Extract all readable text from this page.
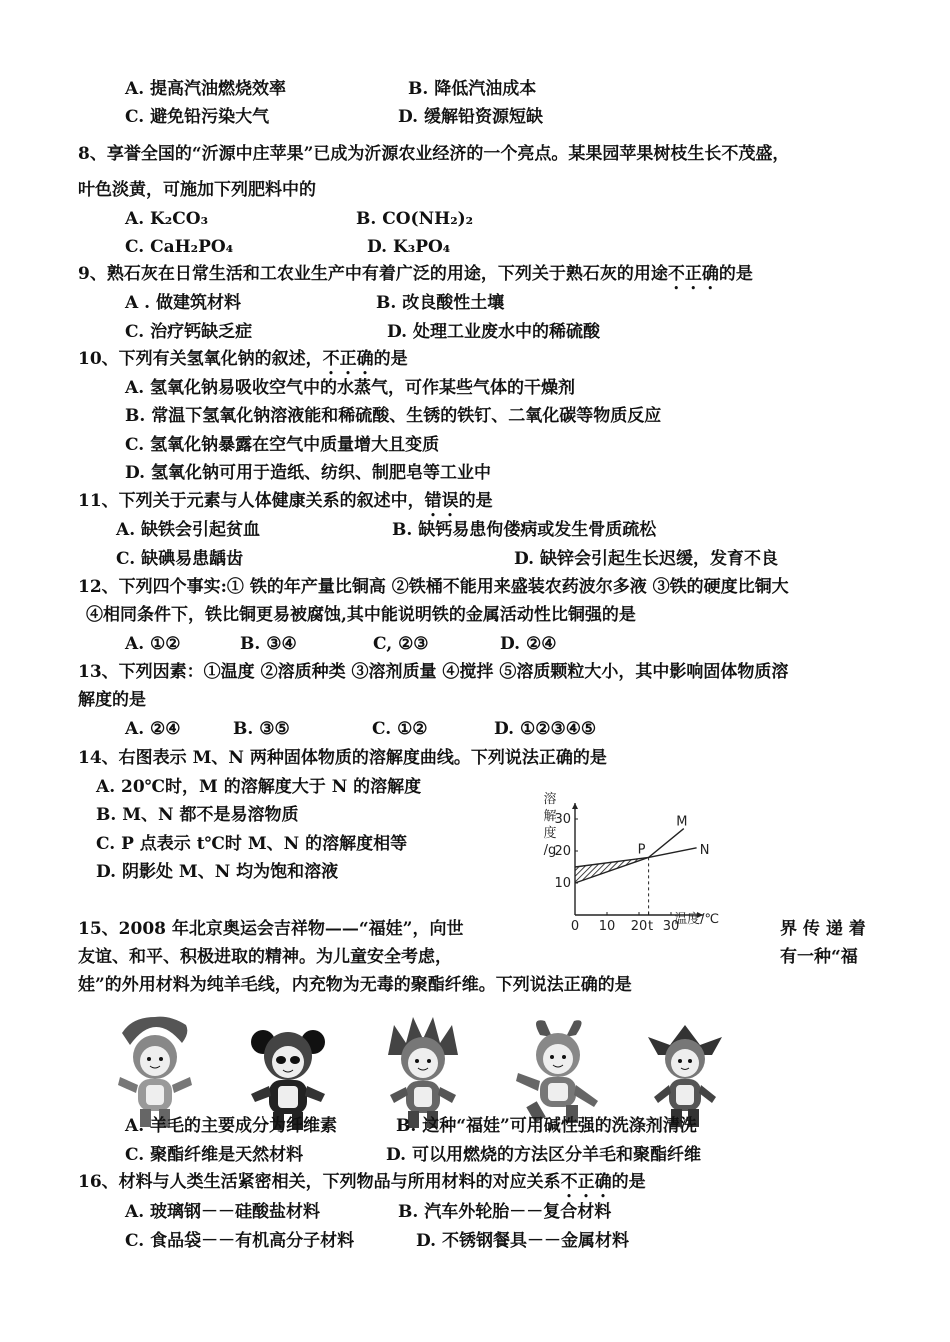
A. 提高汽油燃烧效率	B. 降低汽油成本
C. 避免铅污染大气	D. 缓解铅资源短缺
8、享誉全国的“沂源中庄苹果”已成为沂源农业经济的一个亮点。某果园苹果树枝生长不茂盛，
叶色淡黄，可施加下列肥料中的
A. K₂CO₃	B. CO(NH₂)₂
C. CaH₂PO₄	D. K₃PO₄
9、熟石灰在日常生活和工农业生产中有着广泛的用途，下列关于熟石灰的用途不正确的是
A . 做建筑材料	B. 改良酸性土壤
C. 治疗钙缺乏症	D. 处理工业废水中的稀硫酸
10、下列有关氢氧化钠的叙述，不正确的是
A. 氢氧化钠易吸收空气中的水蒸气，可作某些气体的干燥剂
B. 常温下氢氧化钠溶液能和稀硫酸、生锈的铁钉、二氧化碳等物质反应
C. 氢氧化钠暴露在空气中质量增大且变质
D. 氢氧化钠可用于造纸、纺织、制肥皂等工业中
11、下列关于元素与人体健康关系的叙述中，错误的是
A. 缺铁会引起贫血	B. 缺钙易患佝偻病或发生骨质疏松
C. 缺碘易患龋齿	D. 缺锌会引起生长迟缓，发育不良
12、下列四个事实:① 铁的年产量比铜高 ②铁桶不能用来盛装农药波尔多液 ③铁的硬度比铜大
④相同条件下，铁比铜更易被腐蚀,其中能说明铁的金属活动性比铜强的是
A. ①②	B. ③④	C, ②③	D. ②④
13、下列因素：①温度 ②溶质种类 ③溶剂质量 ④搅拌 ⑤溶质颗粒大小，其中影响固体物质溶
解度的是
A. ②④	B. ③⑤	C. ①②	D. ①②③④⑤
14、右图表示 M、N 两种固体物质的溶解度曲线。下列说法正确的是
A. 20℃时，M 的溶解度大于 N 的溶解度
B. M、N 都不是易溶物质
C. P 点表示 t℃时 M、N 的溶解度相等
D. 阴影处 M、N 均为饱和溶液
M
N
P
0 10 20 t 30
10
20
30
温度/℃
溶
解
度
/g
15、2008 年北京奥运会吉祥物——“福娃”，向世	界 传 递 着
友谊、和平、积极进取的精神。为儿童安全考虑，	有一种“福
娃”的外用材料为纯羊毛线，内充物为无毒的聚酯纤维。下列说法正确的是
A. 羊毛的主要成分为纤维素	B. 这种“福娃”可用碱性强的洗涤剂清洗
C. 聚酯纤维是天然材料	D. 可以用燃烧的方法区分羊毛和聚酯纤维
16、材料与人类生活紧密相关，下列物品与所用材料的对应关系不正确的是
A. 玻璃钢－－硅酸盐材料	B. 汽车外轮胎－－复合材料
C. 食品袋－－有机高分子材料	D. 不锈钢餐具－－金属材料
